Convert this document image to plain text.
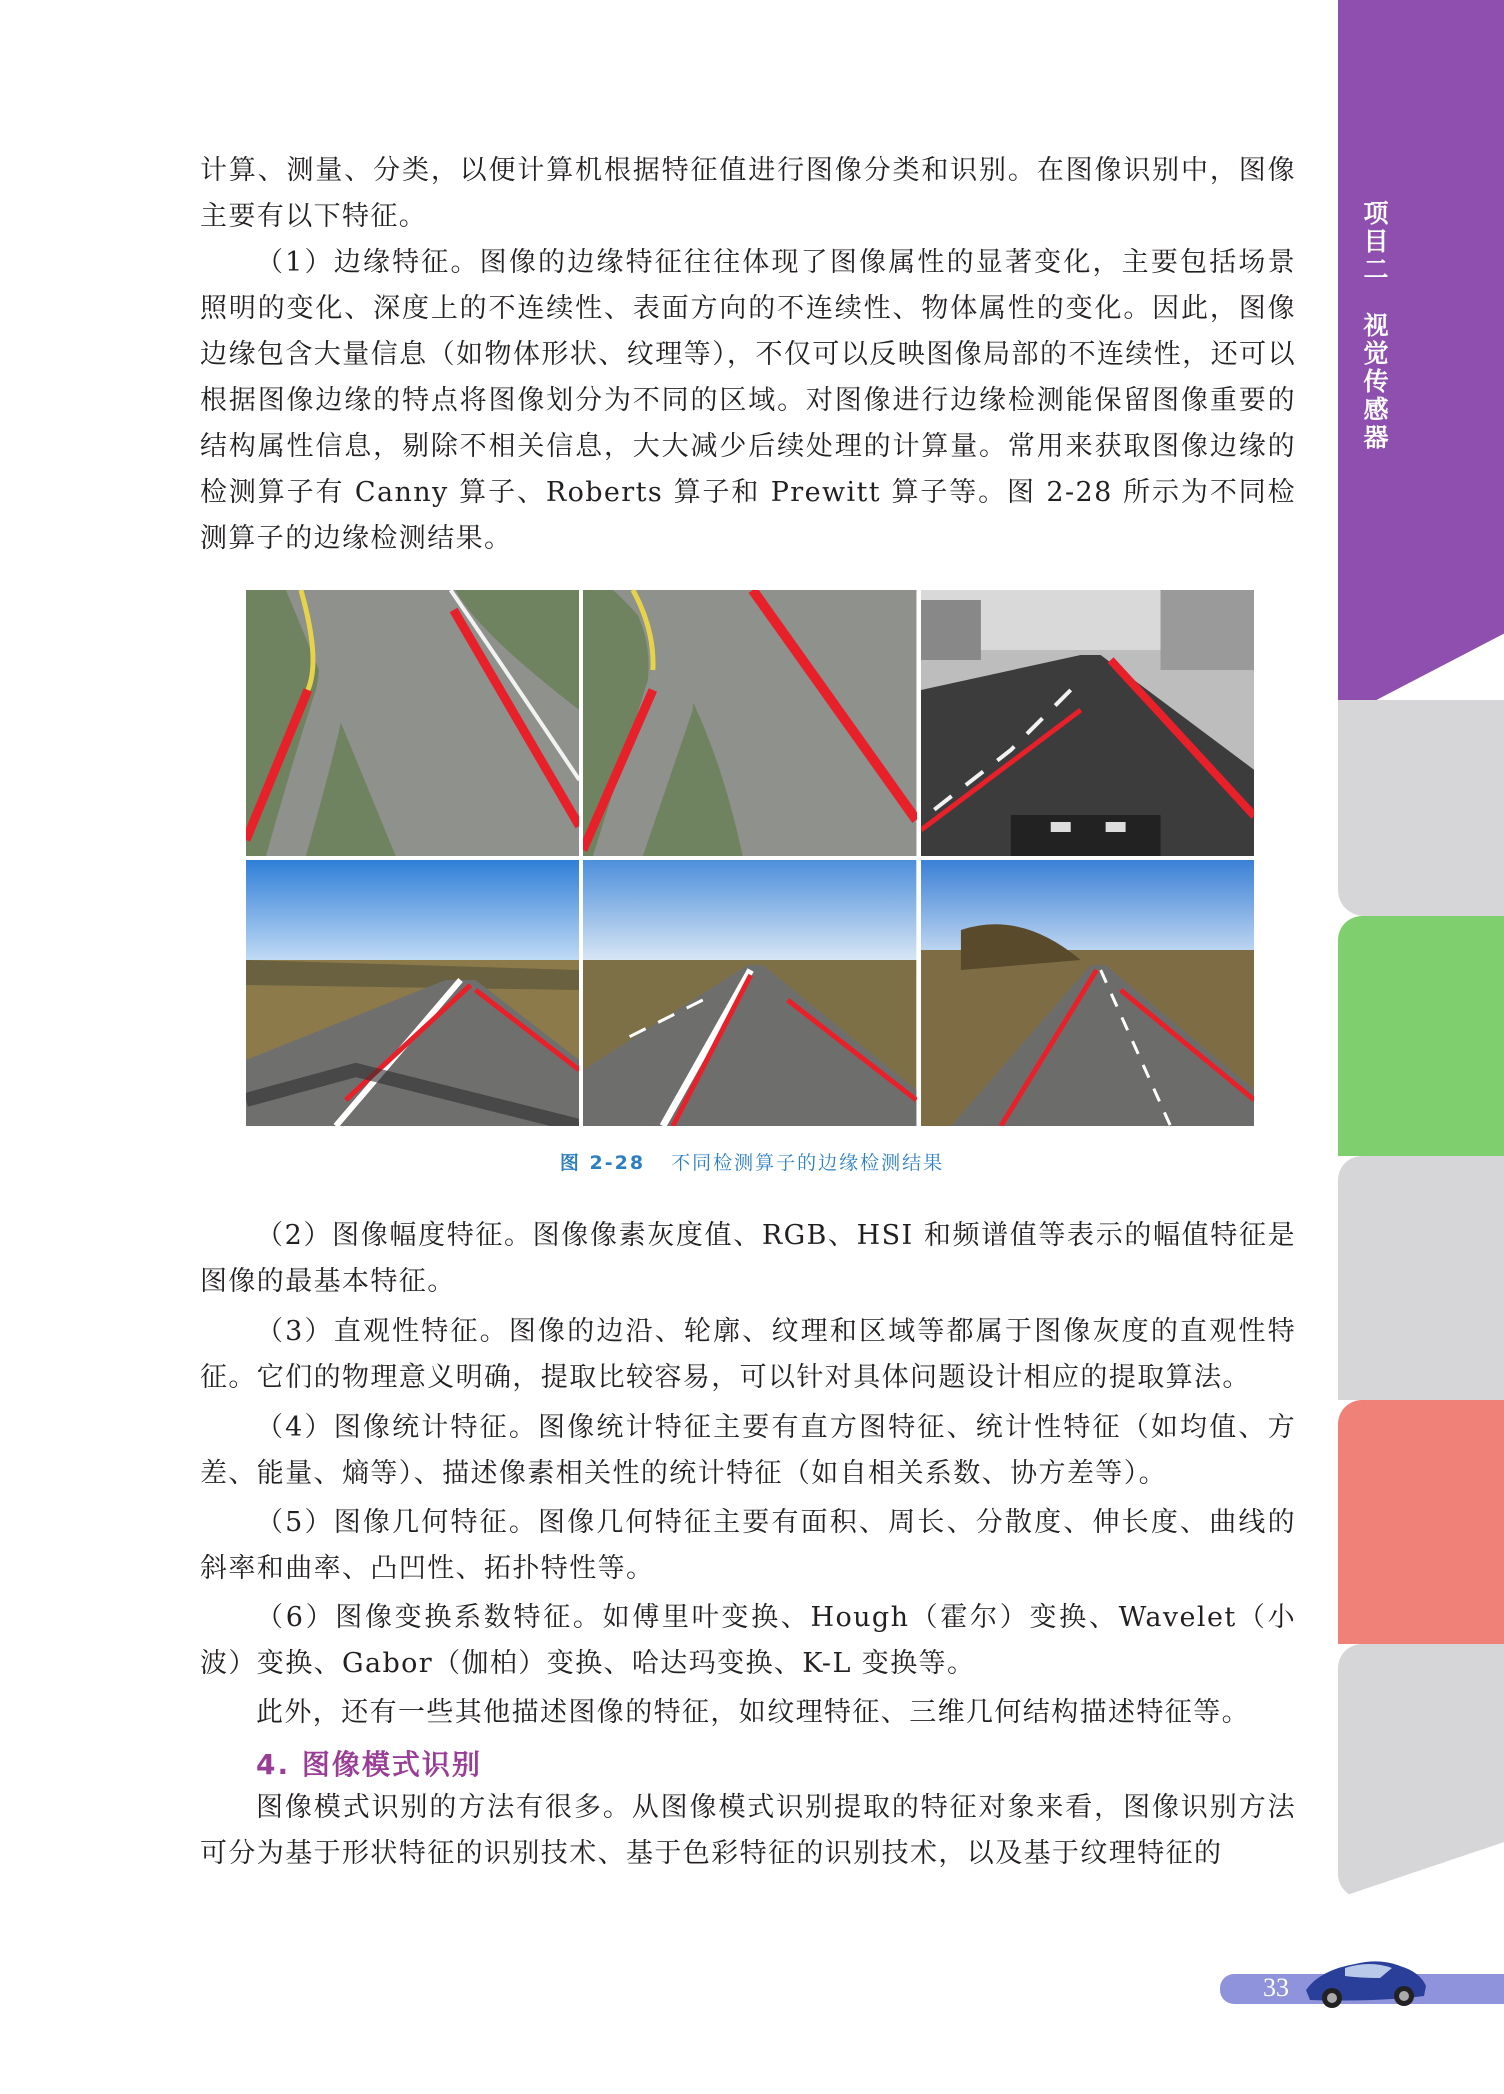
项目二　视觉传感器

计算、测量、分类，以便计算机根据特征值进行图像分类和识别。在图像识别中，图像主要有以下特征。

（1）边缘特征。图像的边缘特征往往体现了图像属性的显著变化，主要包括场景照明的变化、深度上的不连续性、表面方向的不连续性、物体属性的变化。因此，图像边缘包含大量信息（如物体形状、纹理等），不仅可以反映图像局部的不连续性，还可以根据图像边缘的特点将图像划分为不同的区域。对图像进行边缘检测能保留图像重要的结构属性信息，剔除不相关信息，大大减少后续处理的计算量。常用来获取图像边缘的检测算子有 Canny 算子、Roberts 算子和 Prewitt 算子等。图 2-28 所示为不同检测算子的边缘检测结果。

图 2-28 不同检测算子的边缘检测结果

（2）图像幅度特征。图像像素灰度值、RGB、HSI 和频谱值等表示的幅值特征是图像的最基本特征。

（3）直观性特征。图像的边沿、轮廓、纹理和区域等都属于图像灰度的直观性特征。它们的物理意义明确，提取比较容易，可以针对具体问题设计相应的提取算法。

（4）图像统计特征。图像统计特征主要有直方图特征、统计性特征（如均值、方差、能量、熵等）、描述像素相关性的统计特征（如自相关系数、协方差等）。

（5）图像几何特征。图像几何特征主要有面积、周长、分散度、伸长度、曲线的斜率和曲率、凸凹性、拓扑特性等。

（6）图像变换系数特征。如傅里叶变换、Hough（霍尔）变换、Wavelet（小波）变换、Gabor（伽柏）变换、哈达玛变换、K-L 变换等。

此外，还有一些其他描述图像的特征，如纹理特征、三维几何结构描述特征等。

4. 图像模式识别

图像模式识别的方法有很多。从图像模式识别提取的特征对象来看，图像识别方法可分为基于形状特征的识别技术、基于色彩特征的识别技术，以及基于纹理特征的

33
